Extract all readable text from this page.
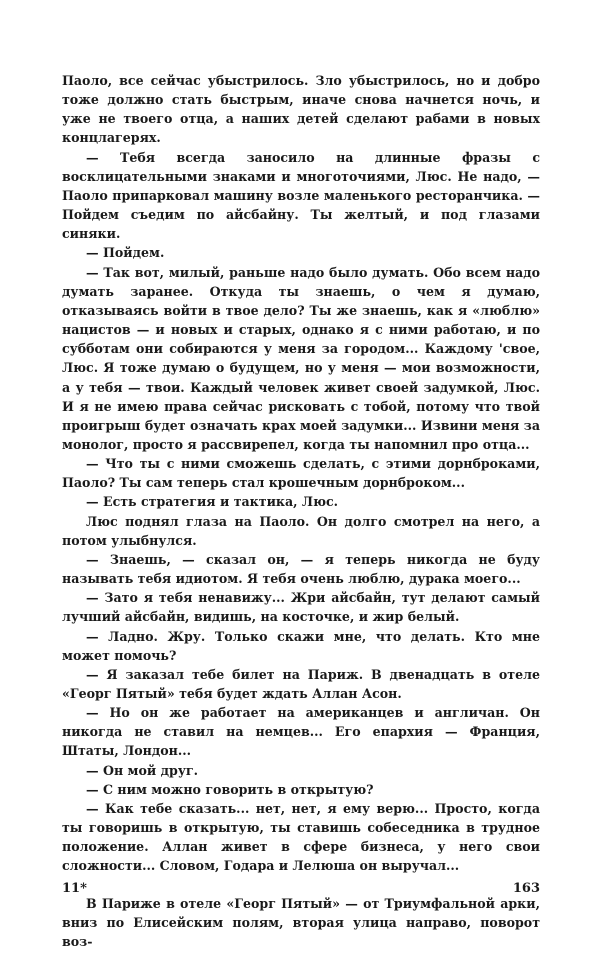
Паоло, все сейчас убыстрилось. Зло убыстрилось, но и добро тоже должно стать быстрым, иначе снова начнется ночь, и уже не твоего отца, а наших детей сделают рабами в новых концлагерях.

— Тебя всегда заносило на длинные фразы с восклицательными знаками и многоточиями, Люс. Не надо, — Паоло припарковал машину возле маленького ресторанчика. — Пойдем съедим по айсбайну. Ты желтый, и под глазами синяки.

— Пойдем.

— Так вот, милый, раньше надо было думать. Обо всем надо думать заранее. Откуда ты знаешь, о чем я думаю, отказываясь войти в твое дело? Ты же знаешь, как я «люблю» нацистов — и новых и старых, однако я с ними работаю, и по субботам они собираются у меня за городом... Каждому 'свое, Люс. Я тоже думаю о будущем, но у меня — мои возможности, а у тебя — твои. Каждый человек живет своей задумкой, Люс. И я не имею права сейчас рисковать с тобой, потому что твой проигрыш будет означать крах моей задумки... Извини меня за монолог, просто я рассвирепел, когда ты напомнил про отца...

— Что ты с ними сможешь сделать, с этими дорнброками, Паоло? Ты сам теперь стал крошечным дорнброком...

— Есть стратегия и тактика, Люс.

Люс поднял глаза на Паоло. Он долго смотрел на него, а потом улыбнулся.

— Знаешь, — сказал он, — я теперь никогда не буду называть тебя идиотом. Я тебя очень люблю, дурака моего...

— Зато я тебя ненавижу... Жри айсбайн, тут делают самый лучший айсбайн, видишь, на косточке, и жир белый.

— Ладно. Жру. Только скажи мне, что делать. Кто мне может помочь?

— Я заказал тебе билет на Париж. В двенадцать в отеле «Георг Пятый» тебя будет ждать Аллан Асон.

— Но он же работает на американцев и англичан. Он никогда не ставил на немцев... Его епархия — Франция, Штаты, Лондон...

— Он мой друг.

— С ним можно говорить в открытую?

— Как тебе сказать... нет, нет, я ему верю... Просто, когда ты говоришь в открытую, ты ставишь собеседника в трудное положение. Аллан живет в сфере бизнеса, у него свои сложности... Словом, Годара и Лелюша он выручал...

В Париже в отеле «Георг Пятый» — от Триумфальной арки, вниз по Елисейским полям, вторая улица направо, поворот воз-

11*	163
